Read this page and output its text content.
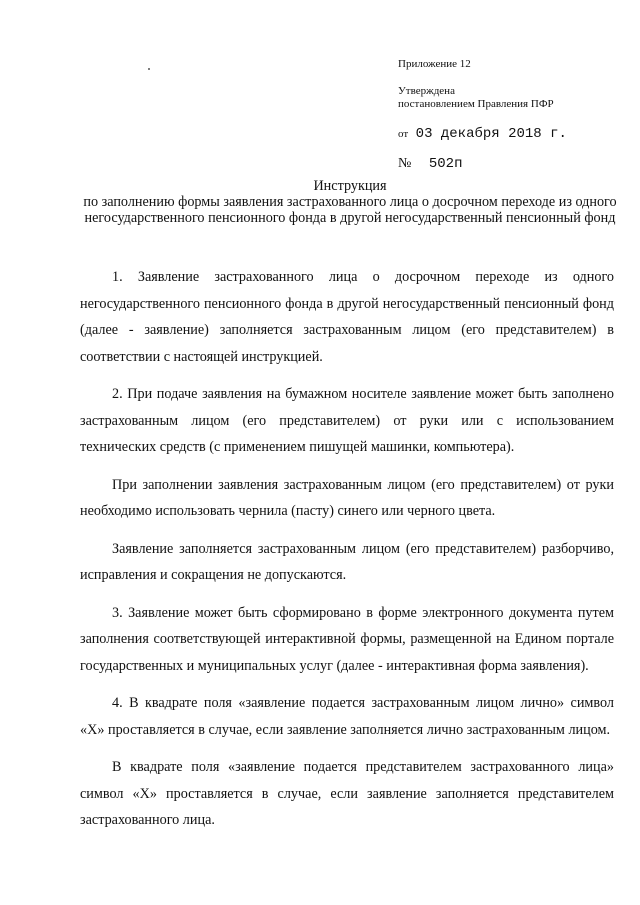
Приложение 12

Утверждена

постановлением Правления ПФР

от 03 декабря 2018 г.
№ 502п

Инструкция

по заполнению формы заявления застрахованного лица о досрочном переходе из одного негосударственного пенсионного фонда в другой негосударственный пенсионный фонд

1. Заявление застрахованного лица о досрочном переходе из одного негосударственного пенсионного фонда в другой негосударственный пенсионный фонд (далее - заявление) заполняется застрахованным лицом (его представителем) в соответствии с настоящей инструкцией.

2. При подаче заявления на бумажном носителе заявление может быть заполнено застрахованным лицом (его представителем) от руки или с использованием технических средств (с применением пишущей машинки, компьютера).

При заполнении заявления застрахованным лицом (его представителем) от руки необходимо использовать чернила (пасту) синего или черного цвета.

Заявление заполняется застрахованным лицом (его представителем) разборчиво, исправления и сокращения не допускаются.

3. Заявление может быть сформировано в форме электронного документа путем заполнения соответствующей интерактивной формы, размещенной на Едином портале государственных и муниципальных услуг (далее - интерактивная форма заявления).

4. В квадрате поля «заявление подается застрахованным лицом лично» символ «Х» проставляется в случае, если заявление заполняется лично застрахованным лицом.

В квадрате поля «заявление подается представителем застрахованного лица» символ «Х» проставляется в случае, если заявление заполняется представителем застрахованного лица.
